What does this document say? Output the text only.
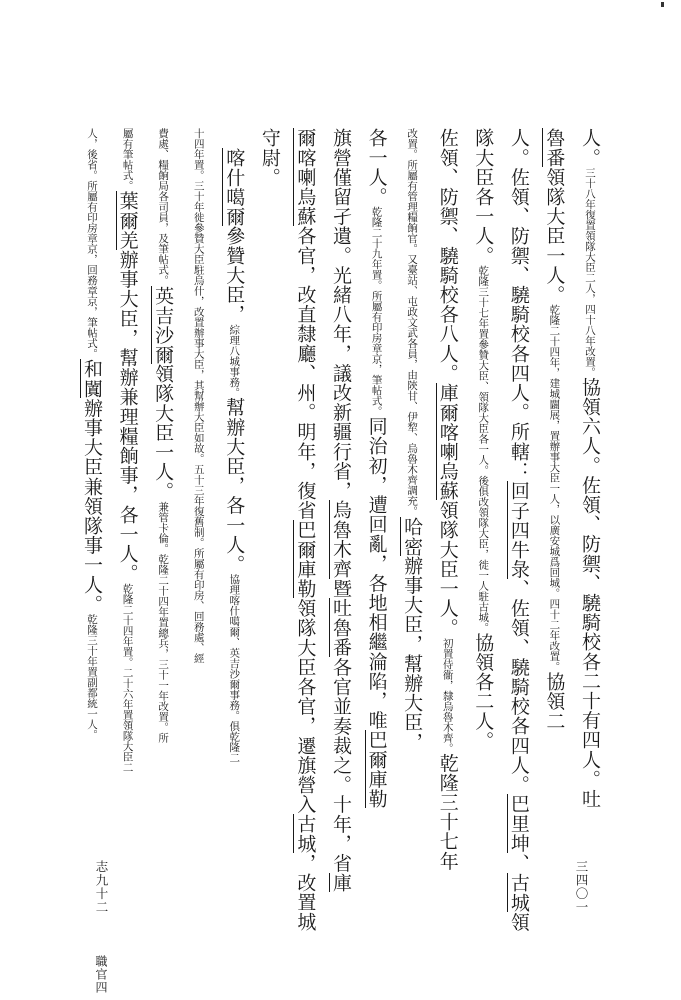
人。三十八年復置領隊大臣二人，四十八年改置。協領六人。佐領、防禦、驍騎校各二十有四人。吐
魯番領隊大臣一人。乾隆二十四年，建城闢展，置辦事大臣一人，以廣安城爲回城。四十二年改置。協領二
人。佐領、防禦、驍騎校各四人。所轄：回子四牛彔、佐領、驍騎校各四人。巴里坤、古城領
隊大臣各一人。乾隆三十七年置參贊大臣、領隊大臣各一人。後俱改領隊大臣，徙一人駐古城。協領各二人。
佐領、防禦、驍騎校各八人。庫爾喀喇烏蘇領隊大臣一人。初置侍衞，隸烏魯木齊。乾隆三十七年
改置。所屬有管理糧餉官。又臺站、屯政文武各員，由陝甘、伊犂、烏魯木齊調充。哈密辦事大臣，幫辦大臣，
各一人。乾隆二十九年置。所屬有印房章京，筆帖式。同治初，遭回亂，各地相繼淪陷，唯巴爾庫勒
旗營僅留孑遺。光緒八年，議改新疆行省，烏魯木齊暨吐魯番各官並奏裁之。十年，省庫
爾喀喇烏蘇各官，改直隸廳、州。明年，復省巴爾庫勒領隊大臣各官，遷旗營入古城，改置城
守尉。
　喀什噶爾參贊大臣，綜理八城事務。幫辦大臣，各一人。協理喀什噶爾、英吉沙爾事務。俱乾隆二
十四年置。三十年徙參贊大臣駐烏什，改置辦事大臣，其幫辦大臣如故。五十三年復舊制。所屬有印房、回務處、經
費處、糧餉局各司員，及筆帖式。英吉沙爾領隊大臣一人。兼管卡倫。乾隆二十四年置總兵，三十一年改置。所
屬有筆帖式。葉爾羌辦事大臣，幫辦兼理糧餉事，各一人。乾隆二十四年置。二十六年置領隊大臣二
人，後省。所屬有印房章京，回務章京，筆帖式。和闐辦事大臣兼領隊事一人。乾隆三十年置副都統一人。
志九十二
職官四
三四〇一
